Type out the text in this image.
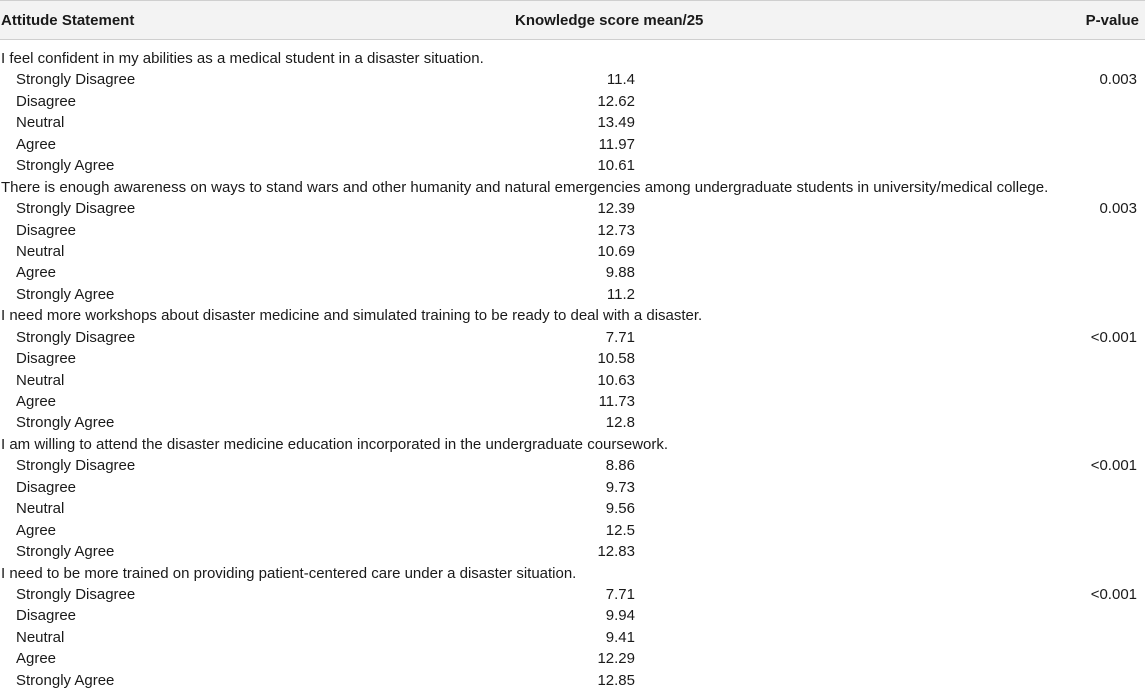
Attitude Statement	Knowledge score mean/25	P-value
I feel confident in my abilities as a medical student in a disaster situation.
Strongly Disagree	11.4	0.003
Disagree	12.62
Neutral	13.49
Agree	11.97
Strongly Agree	10.61
There is enough awareness on ways to stand wars and other humanity and natural emergencies among undergraduate students in university/medical college.
Strongly Disagree	12.39	0.003
Disagree	12.73
Neutral	10.69
Agree	9.88
Strongly Agree	11.2
I need more workshops about disaster medicine and simulated training to be ready to deal with a disaster.
Strongly Disagree	7.71	<0.001
Disagree	10.58
Neutral	10.63
Agree	11.73
Strongly Agree	12.8
I am willing to attend the disaster medicine education incorporated in the undergraduate coursework.
Strongly Disagree	8.86	<0.001
Disagree	9.73
Neutral	9.56
Agree	12.5
Strongly Agree	12.83
I need to be more trained on providing patient-centered care under a disaster situation.
Strongly Disagree	7.71	<0.001
Disagree	9.94
Neutral	9.41
Agree	12.29
Strongly Agree	12.85
